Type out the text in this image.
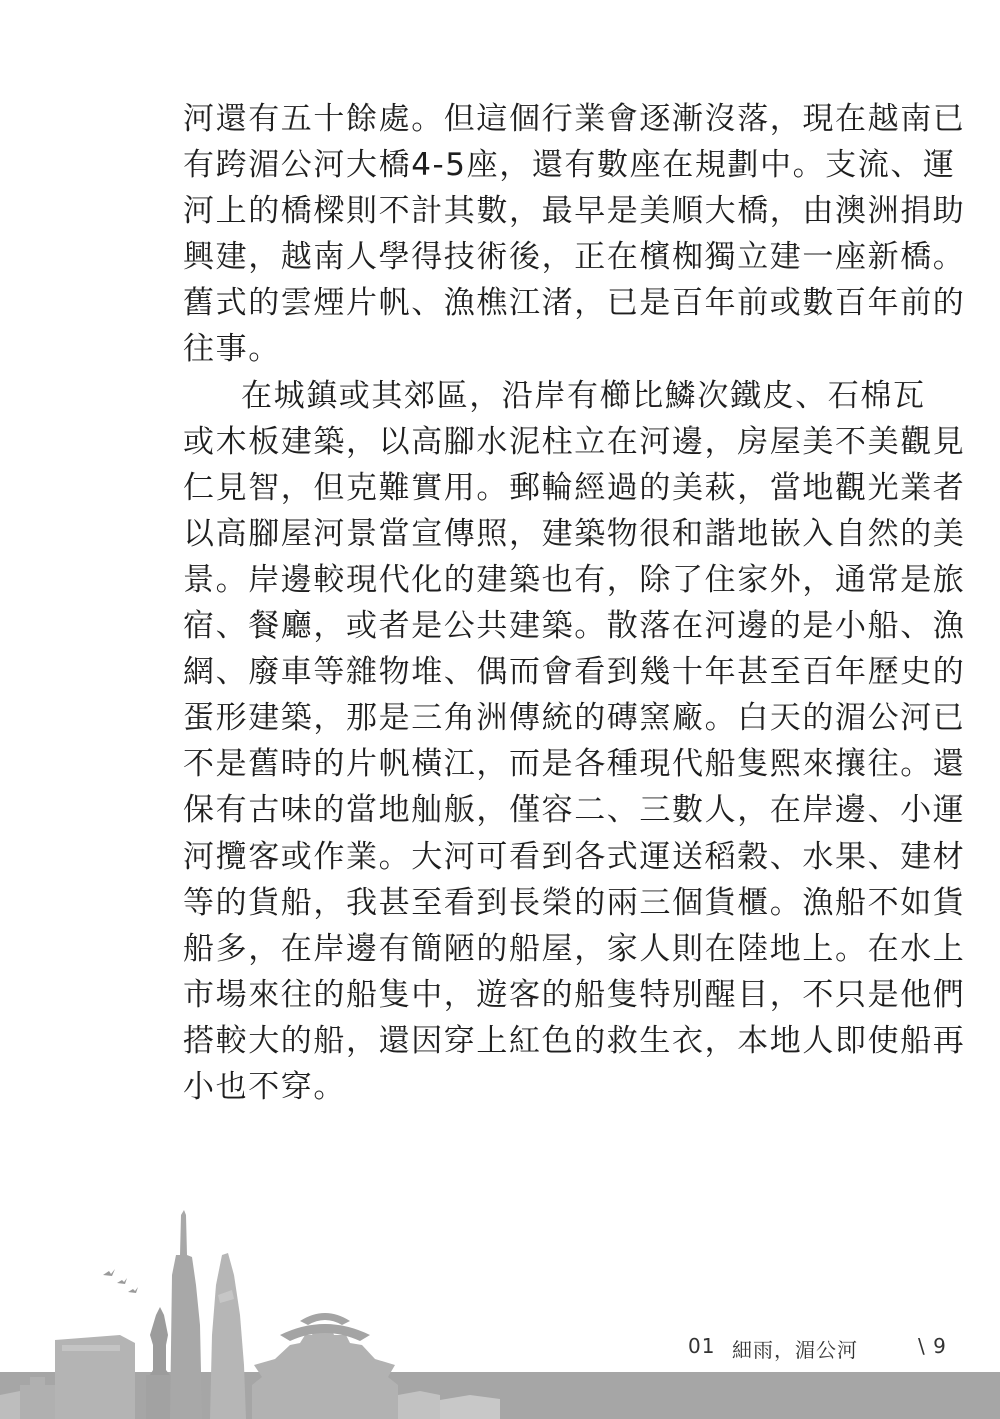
河還有五十餘處。但這個行業會逐漸沒落，現在越南已
有跨湄公河大橋4-5座，還有數座在規劃中。支流、運
河上的橋樑則不計其數，最早是美順大橋，由澳洲捐助
興建，越南人學得技術後，正在檳椥獨立建一座新橋。
舊式的雲煙片帆、漁樵江渚，已是百年前或數百年前的
往事。

在城鎮或其郊區，沿岸有櫛比鱗次鐵皮、石棉瓦
或木板建築，以高腳水泥柱立在河邊，房屋美不美觀見
仁見智，但克難實用。郵輪經過的美萩，當地觀光業者
以高腳屋河景當宣傳照，建築物很和諧地嵌入自然的美
景。岸邊較現代化的建築也有，除了住家外，通常是旅
宿、餐廳，或者是公共建築。散落在河邊的是小船、漁
網、廢車等雜物堆、偶而會看到幾十年甚至百年歷史的
蛋形建築，那是三角洲傳統的磚窯廠。白天的湄公河已
不是舊時的片帆橫江，而是各種現代船隻熙來攘往。還
保有古味的當地舢舨，僅容二、三數人，在岸邊、小運
河攬客或作業。大河可看到各式運送稻穀、水果、建材
等的貨船，我甚至看到長榮的兩三個貨櫃。漁船不如貨
船多，在岸邊有簡陋的船屋，家人則在陸地上。在水上
市場來往的船隻中，遊客的船隻特別醒目，不只是他們
搭較大的船，還因穿上紅色的救生衣，本地人即使船再
小也不穿。

01 細雨，湄公河	\ 9
